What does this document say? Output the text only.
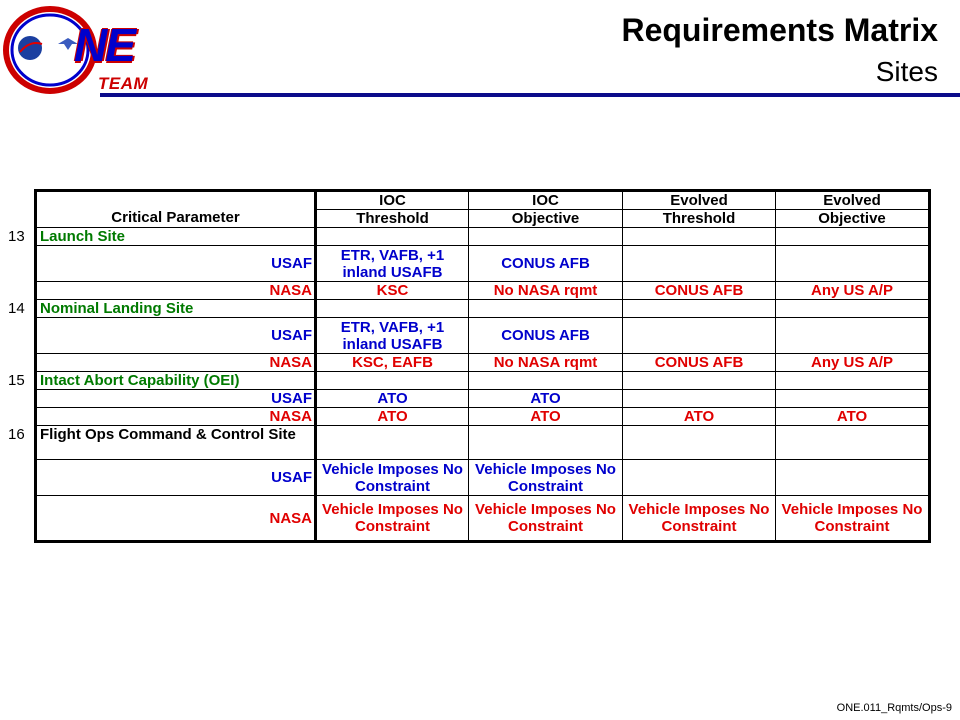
NE
TEAM
Requirements Matrix
Sites
	Critical Parameter	IOC	IOC	Evolved	Evolved
		Threshold	Objective	Threshold	Objective
13	Launch Site				
	USAF	ETR, VAFB, +1 inland USAFB	CONUS AFB		
	NASA	KSC	No NASA rqmt	CONUS AFB	Any US A/P
14	Nominal Landing Site				
	USAF	ETR, VAFB, +1 inland USAFB	CONUS AFB		
	NASA	KSC, EAFB	No NASA rqmt	CONUS AFB	Any US A/P
15	Intact Abort Capability (OEI)				
	USAF	ATO	ATO		
	NASA	ATO	ATO	ATO	ATO
16	Flight Ops Command & Control Site				
	USAF	Vehicle Imposes No Constraint	Vehicle Imposes No Constraint		
	NASA	Vehicle Imposes No Constraint	Vehicle Imposes No Constraint	Vehicle Imposes No Constraint	Vehicle Imposes No Constraint
ONE.011_Rqmts/Ops-9
